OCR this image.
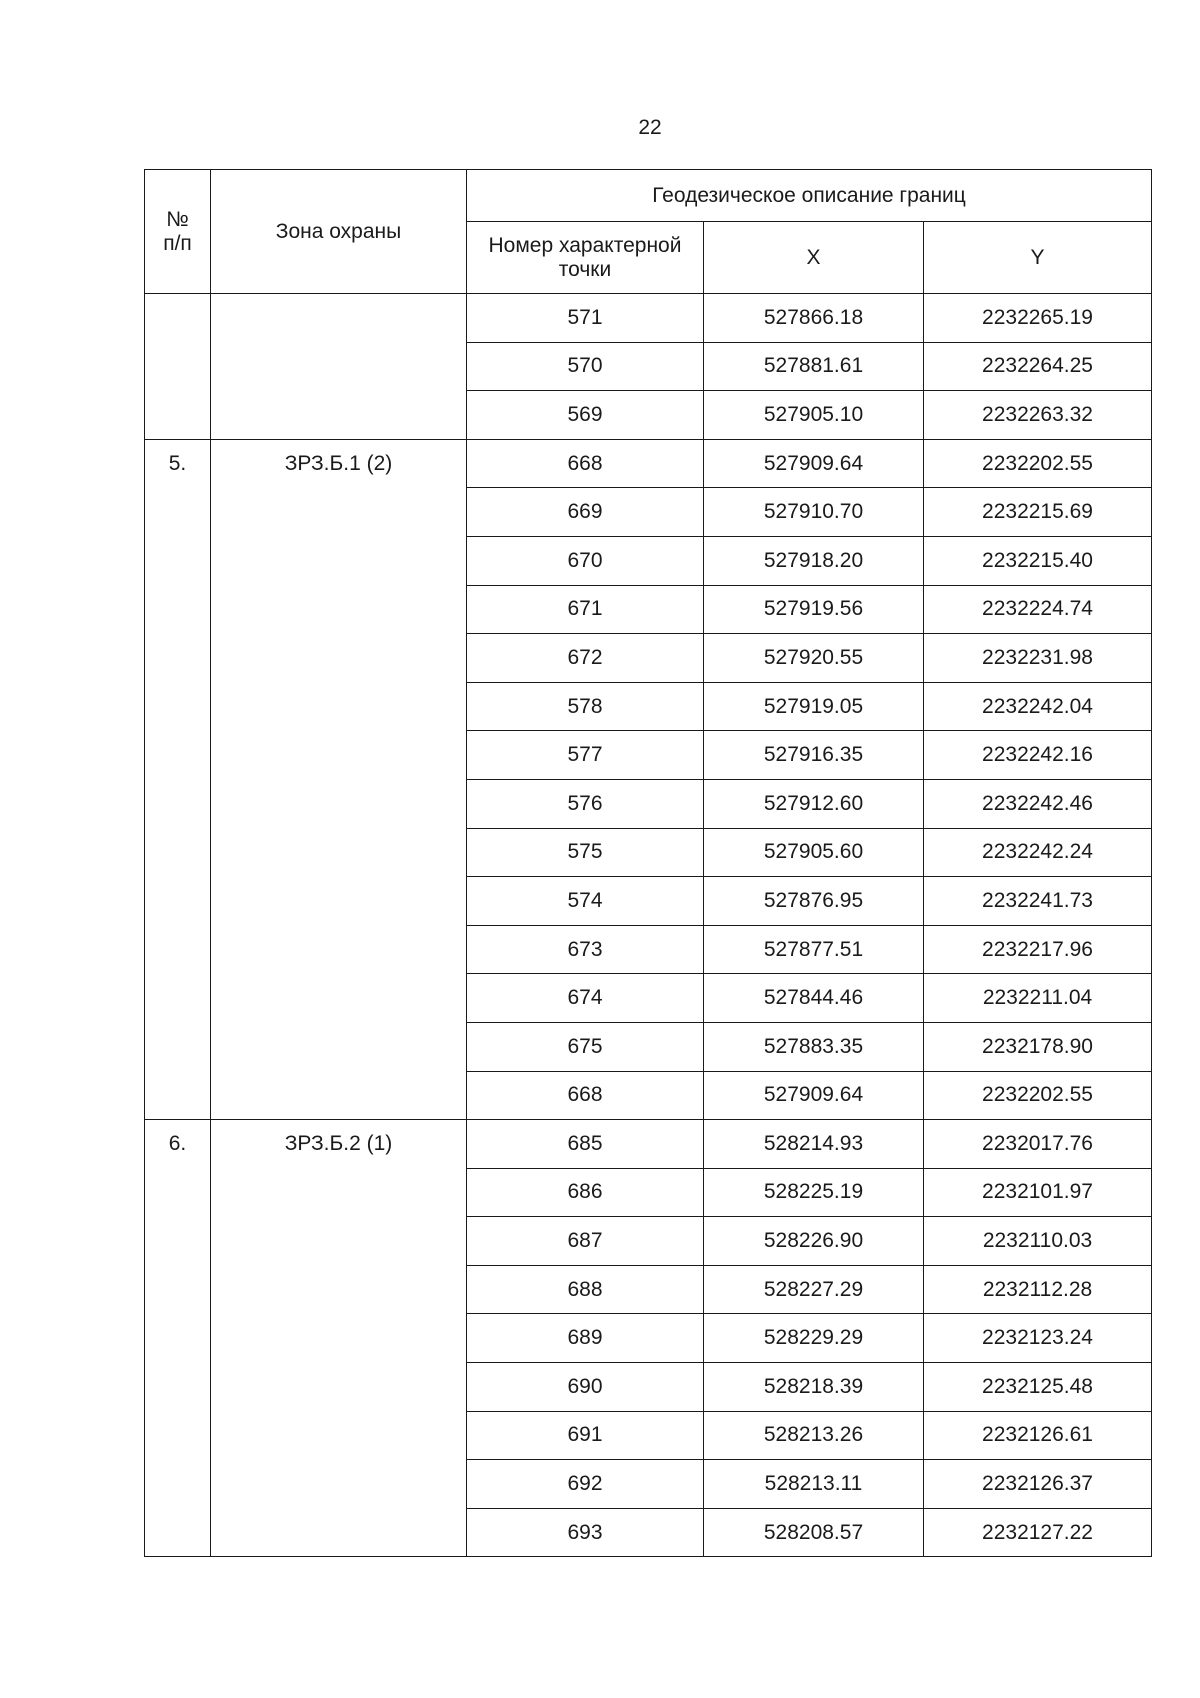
22
№
п/п	Зона охраны	Геодезическое описание границ		
		Номер характерной точки	X	Y
		571	527866.18	2232265.19
		570	527881.61	2232264.25
		569	527905.10	2232263.32
5.	ЗРЗ.Б.1 (2)	668	527909.64	2232202.55
		669	527910.70	2232215.69
		670	527918.20	2232215.40
		671	527919.56	2232224.74
		672	527920.55	2232231.98
		578	527919.05	2232242.04
		577	527916.35	2232242.16
		576	527912.60	2232242.46
		575	527905.60	2232242.24
		574	527876.95	2232241.73
		673	527877.51	2232217.96
		674	527844.46	2232211.04
		675	527883.35	2232178.90
		668	527909.64	2232202.55
6.	ЗРЗ.Б.2 (1)	685	528214.93	2232017.76
		686	528225.19	2232101.97
		687	528226.90	2232110.03
		688	528227.29	2232112.28
		689	528229.29	2232123.24
		690	528218.39	2232125.48
		691	528213.26	2232126.61
		692	528213.11	2232126.37
		693	528208.57	2232127.22
